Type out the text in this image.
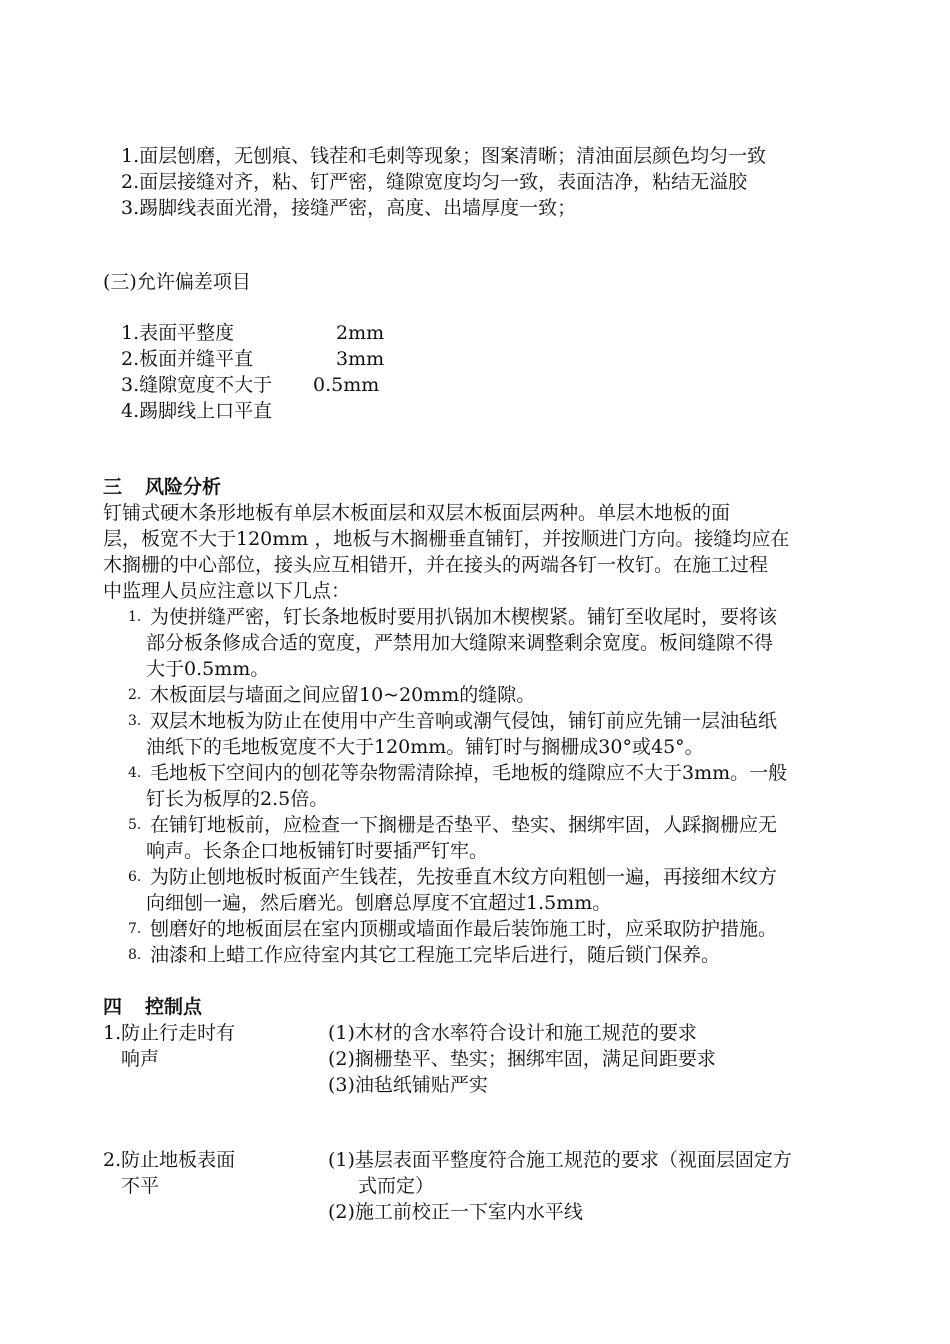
1.面层刨磨，无刨痕、钱茬和毛刺等现象；图案清晰；清油面层颜色均匀一致
2.面层接缝对齐，粘、钉严密，缝隙宽度均匀一致，表面洁净，粘结无溢胶
3.踢脚线表面光滑，接缝严密，高度、出墙厚度一致；
(三)允许偏差项目
1.表面平整度	2mm
2.板面并缝平直	3mm
3.缝隙宽度不大于 0.5mm
4.踢脚线上口平直
三 风险分析
钉铺式硬木条形地板有单层木板面层和双层木板面层两种。单层木地板的面
层，板宽不大于120mm ，地板与木搁栅垂直铺钉，并按顺进门方向。接缝均应在
木搁栅的中心部位，接头应互相错开，并在接头的两端各钉一枚钉。在施工过程
中监理人员应注意以下几点：
1. 为使拼缝严密，钉长条地板时要用扒锅加木楔楔紧。铺钉至收尾时，要将该
部分板条修成合适的宽度，严禁用加大缝隙来调整剩余宽度。板间缝隙不得
大于0.5mm。
2. 木板面层与墙面之间应留10~20mm的缝隙。
3. 双层木地板为防止在使用中产生音响或潮气侵蚀，铺钉前应先铺一层油毡纸
油纸下的毛地板宽度不大于120mm。铺钉时与搁栅成30°或45°。
4. 毛地板下空间内的刨花等杂物需清除掉，毛地板的缝隙应不大于3mm。一般
钉长为板厚的2.5倍。
5. 在铺钉地板前，应检查一下搁栅是否垫平、垫实、捆绑牢固，人踩搁栅应无
响声。长条企口地板铺钉时要插严钉牢。
6. 为防止刨地板时板面产生钱茬，先按垂直木纹方向粗刨一遍，再接细木纹方
向细刨一遍，然后磨光。刨磨总厚度不宜超过1.5mm。
7. 刨磨好的地板面层在室内顶棚或墙面作最后装饰施工时，应采取防护措施。
8. 油漆和上蜡工作应待室内其它工程施工完毕后进行，随后锁门保养。
四 控制点
1.防止行走时有
响声
(1)木材的含水率符合设计和施工规范的要求
(2)搁栅垫平、垫实；捆绑牢固，满足间距要求
(3)油毡纸铺贴严实
2.防止地板表面
不平
(1)基层表面平整度符合施工规范的要求（视面层固定方
式而定）
(2)施工前校正一下室内水平线
